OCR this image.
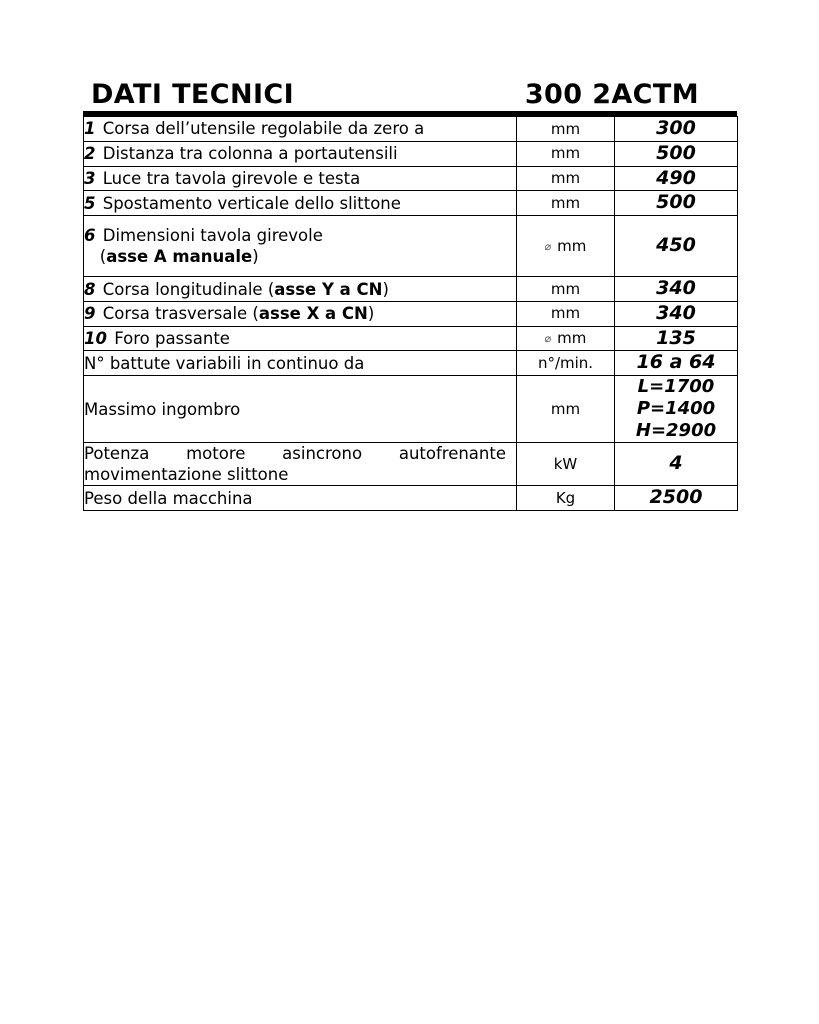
DATI TECNICI	300 2ACTM
1 Corsa dell’utensile regolabile da zero a	mm	300
2 Distanza tra colonna a portautensili	mm	500
3 Luce tra tavola girevole e testa	mm	490
5 Spostamento verticale dello slittone	mm	500
6 Dimensioni tavola girevole
(asse A manuale)	⌀ mm	450
8 Corsa longitudinale (asse Y a CN)	mm	340
9 Corsa trasversale (asse X a CN)	mm	340
10 Foro passante	⌀ mm	135
N° battute variabili in continuo da	n°/min.	16 a 64
Massimo ingombro	mm	L=1700
P=1400
H=2900

Potenza motore asincrono autofrenante movimentazione slittone	kW	4
Peso della macchina	Kg	2500
